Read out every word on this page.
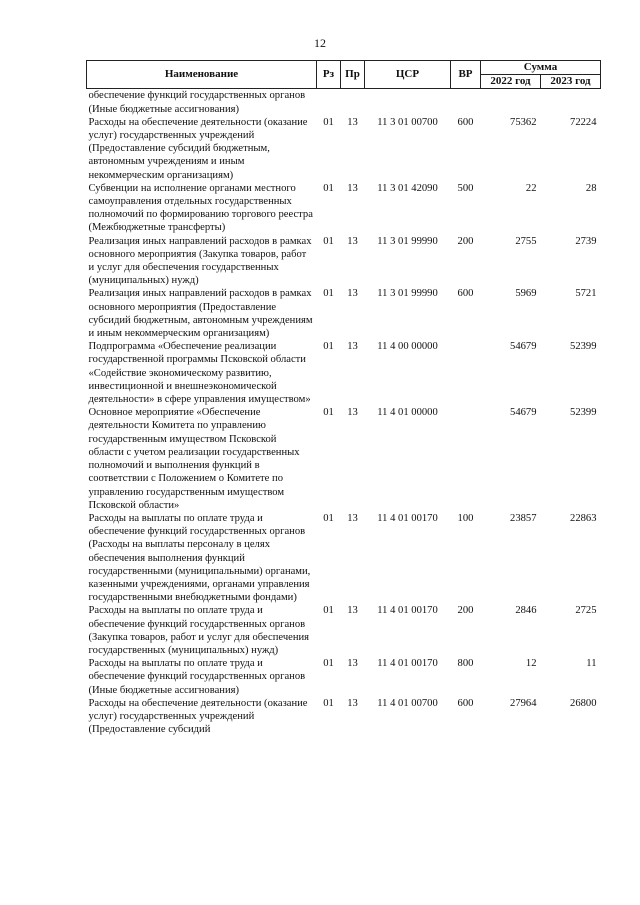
12
Наименование	Рз	Пр	ЦСР	ВР	Сумма	
					2022 год	2023 год
обеспечение функций государственных органов (Иные бюджетные ассигнования)						
Расходы на обеспечение деятельности (оказание услуг) государственных учреждений (Предоставление субсидий бюджетным, автономным учреждениям и иным некоммерческим организациям)	01	13	11 3 01 00700	600	75362	72224
Субвенции на исполнение органами местного самоуправления отдельных государственных полномочий по формированию торгового реестра (Межбюджетные трансферты)	01	13	11 3 01 42090	500	22	28
Реализация иных направлений расходов в рамках основного мероприятия (Закупка товаров, работ и услуг для обеспечения государственных (муниципальных) нужд)	01	13	11 3 01 99990	200	2755	2739
Реализация иных направлений расходов в рамках основного мероприятия (Предоставление субсидий бюджетным, автономным учреждениям и иным некоммерческим организациям)	01	13	11 3 01 99990	600	5969	5721
Подпрограмма «Обеспечение реализации государственной программы Псковской области «Содействие экономическому развитию, инвестиционной и внешнеэкономической деятельности» в сфере управления имуществом»	01	13	11 4 00 00000		54679	52399
Основное мероприятие «Обеспечение деятельности Комитета по управлению государственным имуществом Псковской области с учетом реализации государственных полномочий и выполнения функций в соответствии с Положением о Комитете по управлению государственным имуществом Псковской области»	01	13	11 4 01 00000		54679	52399
Расходы на выплаты по оплате труда и обеспечение функций государственных органов (Расходы на выплаты персоналу в целях обеспечения выполнения функций государственными (муниципальными) органами, казенными учреждениями, органами управления государственными внебюджетными фондами)	01	13	11 4 01 00170	100	23857	22863
Расходы на выплаты по оплате труда и обеспечение функций государственных органов (Закупка товаров, работ и услуг для обеспечения государственных (муниципальных) нужд)	01	13	11 4 01 00170	200	2846	2725
Расходы на выплаты по оплате труда и обеспечение функций государственных органов (Иные бюджетные ассигнования)	01	13	11 4 01 00170	800	12	11
Расходы на обеспечение деятельности (оказание услуг) государственных учреждений (Предоставление субсидий	01	13	11 4 01 00700	600	27964	26800
